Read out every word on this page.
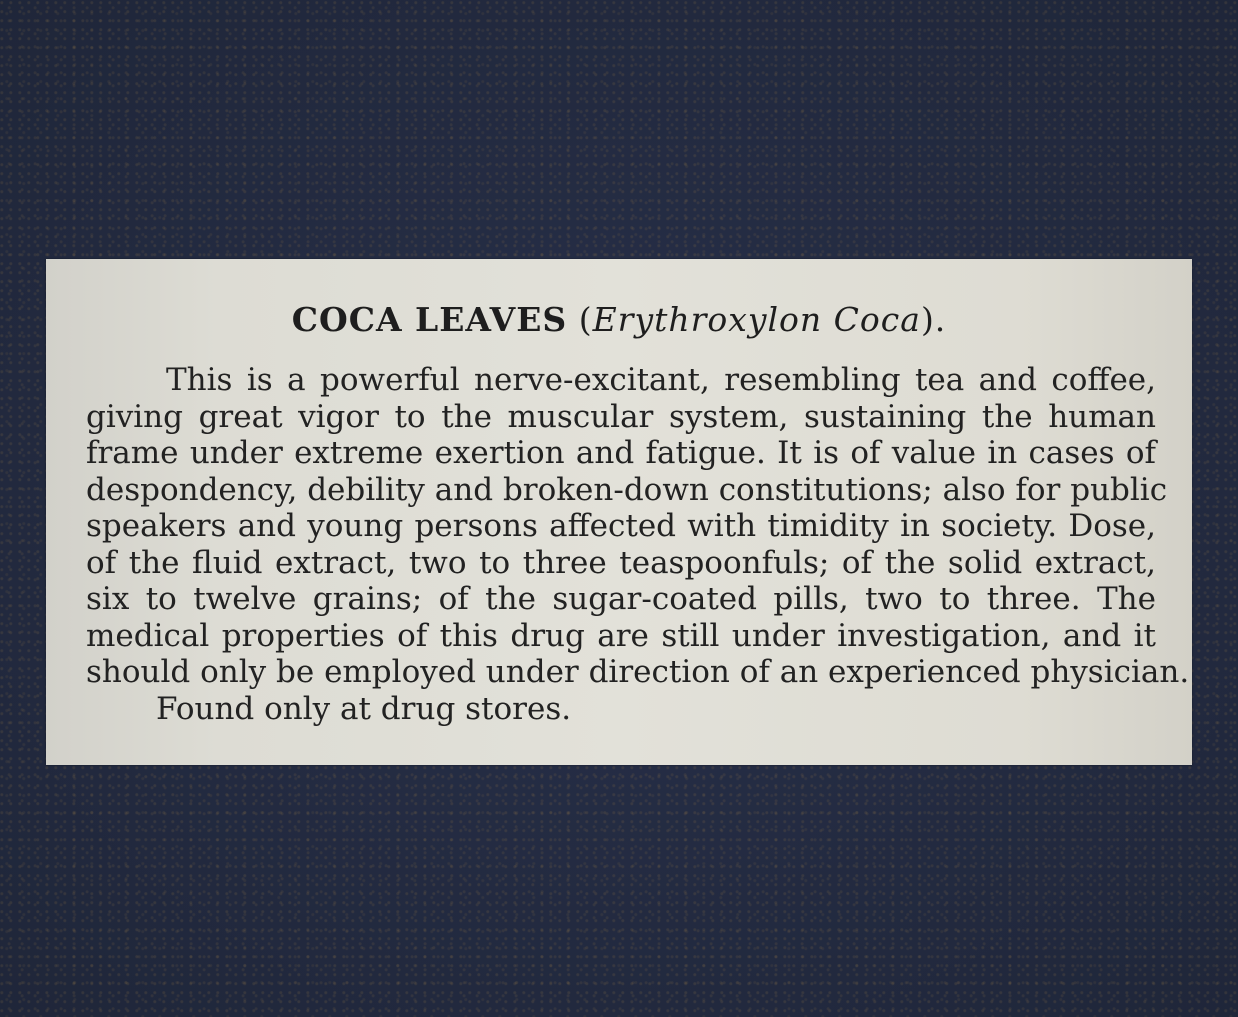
COCA LEAVES (Erythroxylon Coca).
This is a powerful nerve-excitant, resembling tea and coffee,
giving great vigor to the muscular system, sustaining the human
frame under extreme exertion and fatigue. It is of value in cases of
despondency, debility and broken-down constitutions; also for public
speakers and young persons affected with timidity in society. Dose,
of the fluid extract, two to three teaspoonfuls; of the solid extract,
six to twelve grains; of the sugar-coated pills, two to three. The
medical properties of this drug are still under investigation, and it
should only be employed under direction of an experienced physician.
Found only at drug stores.
